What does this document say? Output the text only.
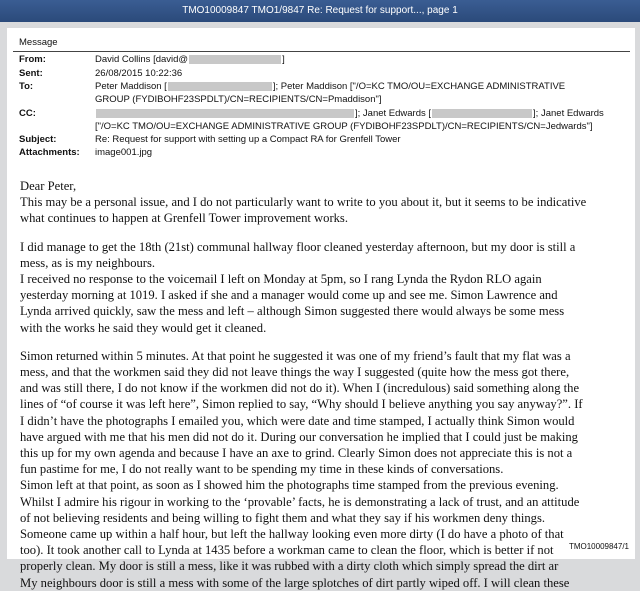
TMO10009847 TMO1/9847 Re: Request for support..., page 1
Message
From:	David Collins [david@	]
Sent:	26/08/2015 10:22:36
To:	Peter Maddison [	]; Peter Maddison ["/O=KC TMO/OU=EXCHANGE ADMINISTRATIVE
GROUP (FYDIBOHF23SPDLT)/CN=RECIPIENTS/CN=Pmaddison"]
CC:	]; Janet Edwards [	]; Janet Edwards
["/O=KC TMO/OU=EXCHANGE ADMINISTRATIVE GROUP (FYDIBOHF23SPDLT)/CN=RECIPIENTS/CN=Jedwards"]
Subject:	Re: Request for support with setting up a Compact RA for Grenfell Tower
Attachments: image001.jpg

Dear Peter,

This may be a personal issue, and I do not particularly want to write to you about it, but it seems to be indicative

what continues to happen at Grenfell Tower improvement works.

I did manage to get the 18th (21st) communal hallway floor cleaned yesterday afternoon, but my door is still a

mess, as is my neighbours.

I received no response to the voicemail I left on Monday at 5pm, so I rang Lynda the Rydon RLO again

yesterday morning at 1019. I asked if she and a manager would come up and see me. Simon Lawrence and

Lynda arrived quickly, saw the mess and left – although Simon suggested there would always be some mess

with the works he said they would get it cleaned.

Simon returned within 5 minutes. At that point he suggested it was one of my friend’s fault that my flat was a

mess, and that the workmen said they did not leave things the way I suggested (quite how the mess got there,

and was still there, I do not know if the workmen did not do it). When I (incredulous) said something along the

lines of “of course it was left here”, Simon replied to say, “Why should I believe anything you say anyway?”. If

I didn’t have the photographs I emailed you, which were date and time stamped, I actually think Simon would

have argued with me that his men did not do it. During our conversation he implied that I could just be making

this up for my own agenda and because I have an axe to grind. Clearly Simon does not appreciate this is not a

fun pastime for me, I do not really want to be spending my time in these kinds of conversations.

Simon left at that point, as soon as I showed him the photographs time stamped from the previous evening.

Whilst I admire his rigour in working to the ‘provable’ facts, he is demonstrating a lack of trust, and an attitude

of not believing residents and being willing to fight them and what they say if his workmen deny things.

Someone came up within a half hour, but left the hallway looking even more dirty (I do have a photo of that

too). It took another call to Lynda at 1435 before a workman came to clean the floor, which is better if not

properly clean. My door is still a mess, like it was rubbed with a dirty cloth which simply spread the dirt ar

My neighbours door is still a mess with some of the large splotches of dirt partly wiped off. I will clean these

TMO10009847/1
